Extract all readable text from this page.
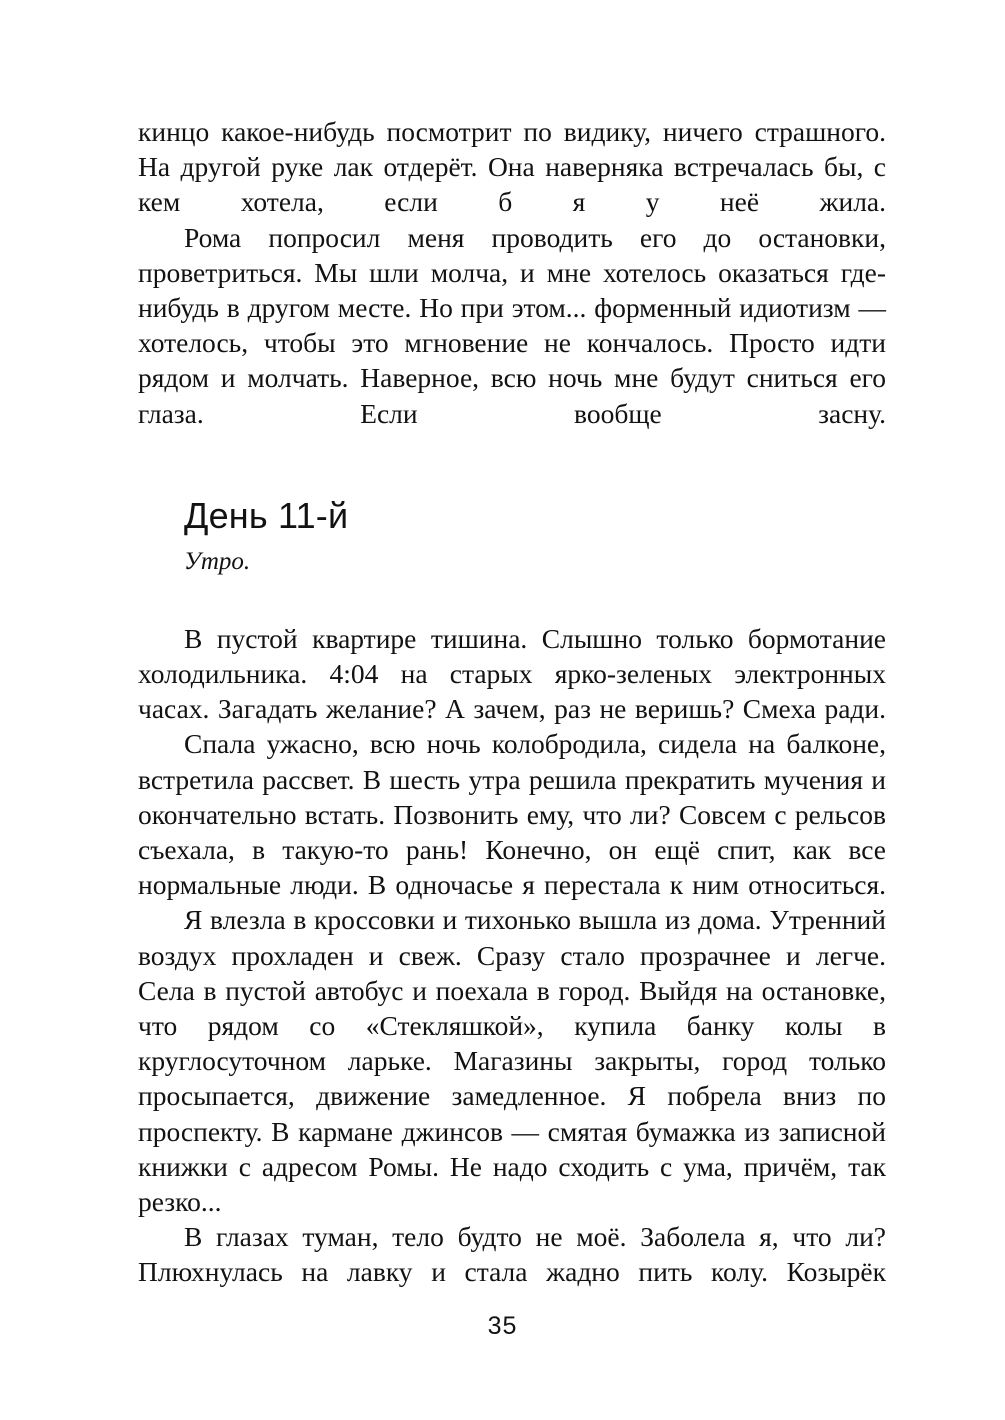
кинцо какое-нибудь посмотрит по видику, ничего страшного. На другой руке лак отдерёт. Она наверняка встречалась бы, с кем хотела, если б я у неё жила.

Рома попросил меня проводить его до остановки, проветриться. Мы шли молча, и мне хотелось оказаться где-нибудь в другом месте. Но при этом... форменный идиотизм — хотелось, чтобы это мгновение не кончалось. Просто идти рядом и молчать. Наверное, всю ночь мне будут сниться его глаза. Если вообще засну.

День 11-й
Утро.

В пустой квартире тишина. Слышно только бормотание холодильника. 4:04 на старых ярко-зеленых электронных часах. Загадать желание? А зачем, раз не веришь? Смеха ради.

Спала ужасно, всю ночь колобродила, сидела на балконе, встретила рассвет. В шесть утра решила прекратить мучения и окончательно встать. Позвонить ему, что ли? Совсем с рельсов съехала, в такую-то рань! Конечно, он ещё спит, как все нормальные люди. В одночасье я перестала к ним относиться.

Я влезла в кроссовки и тихонько вышла из дома. Утренний воздух прохладен и свеж. Сразу стало прозрачнее и легче. Села в пустой автобус и поехала в город. Выйдя на остановке, что рядом со «Стекляшкой», купила банку колы в круглосуточном ларьке. Магазины закрыты, город только просыпается, движение замедленное. Я побрела вниз по проспекту. В кармане джинсов — смятая бумажка из записной книжки с адресом Ромы. Не надо сходить с ума, причём, так резко...

В глазах туман, тело будто не моё. Заболела я, что ли? Плюхнулась на лавку и стала жадно пить колу. Козырёк

35
